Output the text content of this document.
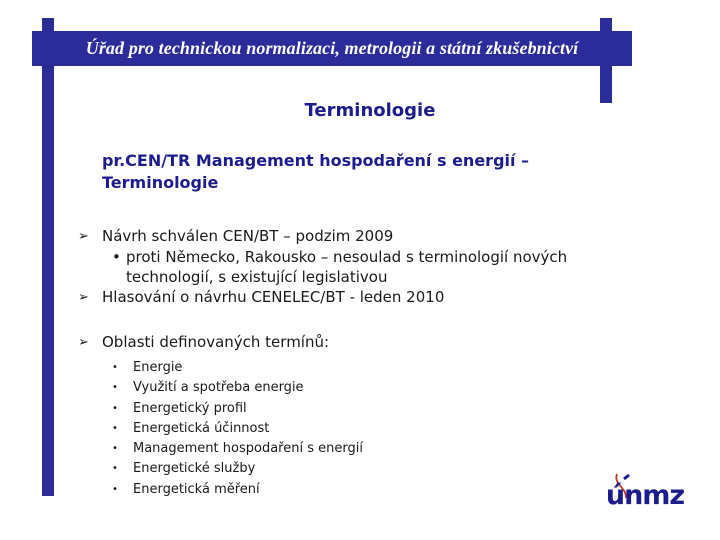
Úřad pro technickou normalizaci, metrologii a státní zkušebnictví
Terminologie
pr.CEN/TR Management hospodaření s energií – Terminologie
➢ Návrh schválen CEN/BT – podzim 2009
• proti Německo, Rakousko – nesoulad s terminologií nových technologií, s existující legislativou
➢ Hlasování o návrhu CENELEC/BT - leden 2010
➢ Oblasti definovaných termínů:
• Energie
• Využití a spotřeba energie
• Energetický profil
• Energetická účinnost
• Management hospodaření s energií
• Energetické služby
• Energetická měření	únmz
